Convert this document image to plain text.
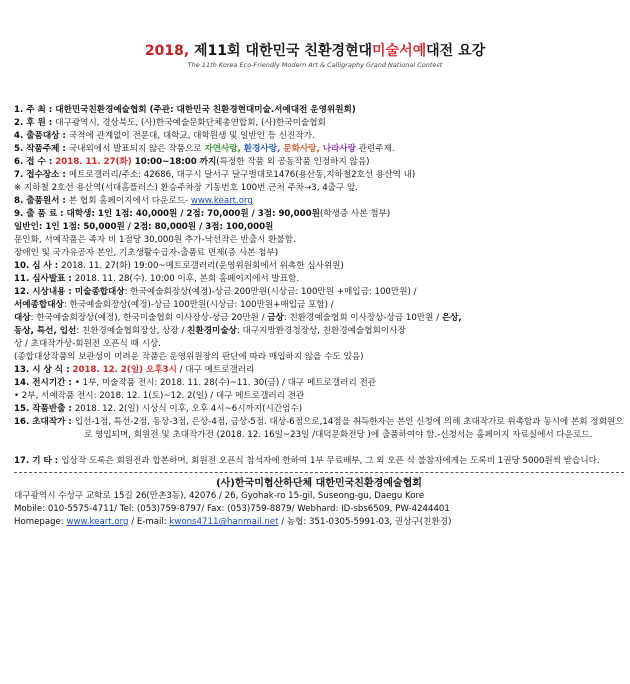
2018, 제11회 대한민국 친환경현대미술서예대전 요강
The 11th Korea Eco-Friendly Modern Art & Calligraphy Grand National Contest
1. 주 최 : 대한민국친환경예술협회 (주관: 대한민국 친환경현대미술.서예대전 운영위원회)
2. 후 원 : 대구광역시, 경상북도, (사)한국예술문화단체총연합회, (사)한국미술협회
4. 출품대상 : 국적에 관계없이 전문대, 대학교, 대학원생 및 일반인 등 신진작가.
5. 작품주제 : 국내외에서 발표되지 않은 작품으로 자연사랑, 환경사랑, 문화사랑, 나라사랑 관련주제.
6. 접 수 : 2018. 11. 27(화) 10:00~18:00 까지(특정한 작품 외 공동작품 인정하지 않음)
7. 접수장소 : 메트로갤러리/주소: 42686, 대구시 달서구 달구벌대로1476(용산동,지하철2호선 용산역 내)
※ 지하철 2호선 용산역(서대홈플러스) 환승주차장 기동번호 100번 근처 주차→3, 4출구 앞.
8. 출품원서 : 본 협회 홈페이지에서 다운로드- www.keart.org
9. 출 품 료 : 대학생: 1인 1점: 40,000원 / 2점: 70,000원 / 3점: 90,000원(학생증 사본 첨부)
일반인: 1인 1점: 50,000원 / 2점: 80,000원 / 3점: 100,000원
문인화, 서예작품은 족자 비 1점당 30,000원 추가-낙선작은 반출시 환불함.
장애인 및 국가유공자 본인, 기초생활수급자-출품료 면제(증 사본 첨부)
10. 심 사 : 2018. 11. 27(화) 19:00~메트로갤러리(운영위원회에서 위촉한 심사위원)
11. 심사발표 : 2018. 11. 28(수). 10:00 이후, 본회 홈페이지에서 발표함.
12. 시상내용 : 미술종합대상: 한국예술회장상(예정)-상금 200만원(시상금: 100만원 +매입금: 100만원) /
서예종합대상: 한국예술회장상(예정)-상금 100만원(시상금: 100만원+매입금 포함) /
대상: 한국예술회장상(예정), 한국미술협회 이사장상-상금 20만원 / 금상: 친환경예술협회 이사장상-상금 10만원 / 은상,
동상, 특선, 입선: 친환경예술협회장상, 상장 / 친환경미술상: 대구지방환경청장상, 친환경예술협회이사장
상 / 초대작가상-회원전 오픈식 때 시상.
(종합대상작품의 보관성이 미려운 작품은 운영위원장의 판단에 따라 매입하지 않을 수도 있음)
13. 시 상 식 : 2018. 12. 2(일) 오후3시 / 대구 메트로갤러리
14. 전시기간 : • 1부, 미술작품 전시: 2018. 11. 28(수)~11. 30(금) / 대구 메트로갤러리 전관
• 2부, 서예작품 전시: 2018. 12. 1(토)~12. 2(일) / 대구 메트로갤러리 전관
15. 작품반출 : 2018. 12. 2(일) 시상식 이후, 오후 4시~6시까지(시간엄수)
16. 초대작가 : 입선-1점, 특선-2점, 동상-3점, 은상-4점, 금상-5점. 대상-6점으로,14점을 취득한자는 본인 신청에 의해 초대작가로 위촉함과 동시에 본회 정회원으로 영입되며, 회원전 및 초대작가전 (2018. 12. 16일~23일 /대덕문화전당 )에 출품하여야 함.-신청서는 홈페이지 자료실에서 다운로드.
17. 기 타 : 입상작 도록은 회원전과 합본하며, 회원전 오픈식 참석자에 한하여 1부 무료배부, 그 외 오픈 식 불참자에게는 도록비 1권당 5000원씩 받습니다.
(사)한국미협산하단체 대한민국친환경예술협회
대구광역시 수성구 교학로 15길 26(만촌3동), 42076 / 26, Gyohak-ro 15-gil, Suseong-gu, Daegu Kore
Mobile: 010-5575-4711/ Tel: (053)759-8797/ Fax: (053)759-8879/ Webhard: ID-sbs6509, PW-4244401
Homepage: www.keart.org / E-mail: kwons4711@hanmail.net / 농협: 351-0305-5991-03, 권상구(친환경)
